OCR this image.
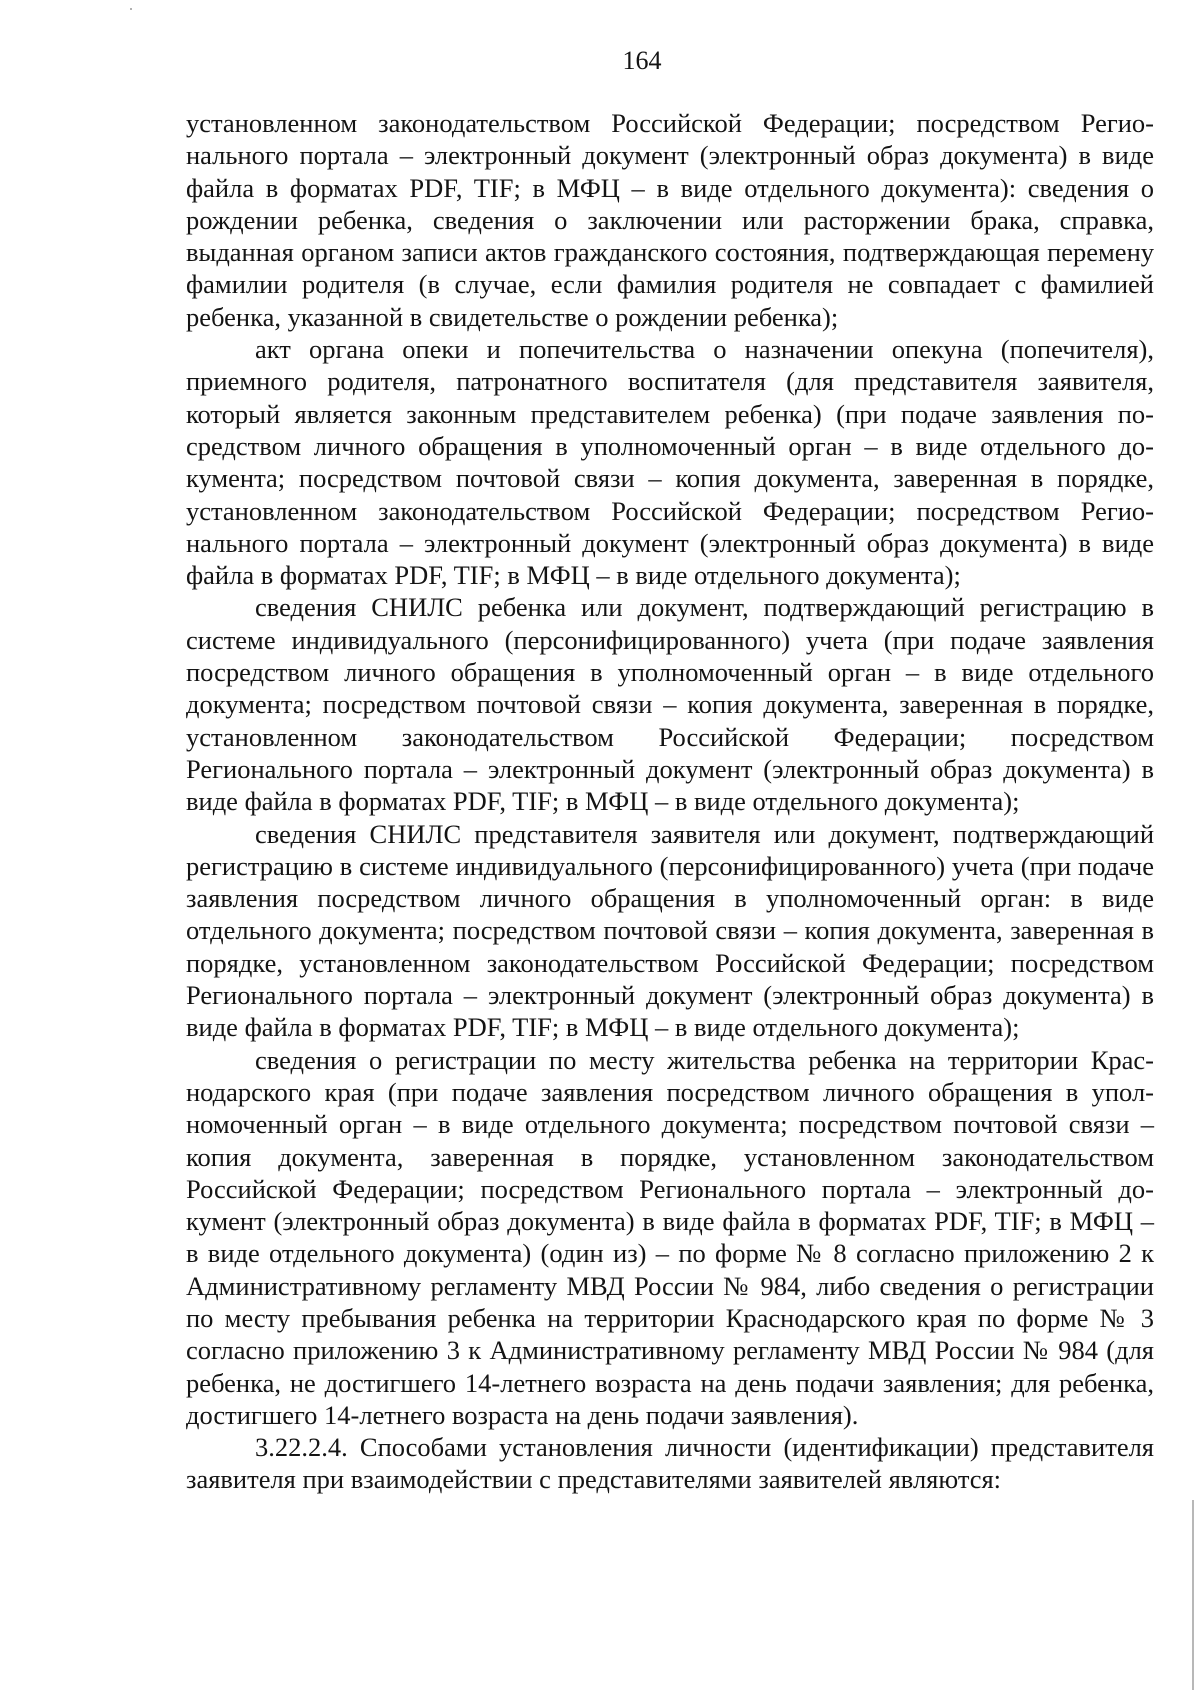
164

установленном законодательством Российской Федерации; посредством Регионального портала – электронный документ (электронный образ документа) в виде файла в форматах PDF, TIF; в МФЦ – в виде отдельного документа): сведения о рождении ребенка, сведения о заключении или расторжении брака, справка, выданная органом записи актов гражданского состояния, подтверждающая перемену фамилии родителя (в случае, если фамилия родителя не совпадает с фамилией ребенка, указанной в свидетельстве о рождении ребенка);

акт органа опеки и попечительства о назначении опекуна (попечителя), приемного родителя, патронатного воспитателя (для представителя заявителя, который является законным представителем ребенка) (при подаче заявления посредством личного обращения в уполномоченный орган – в виде отдельного документа; посредством почтовой связи – копия документа, заверенная в порядке, установленном законодательством Российской Федерации; посредством Регионального портала – электронный документ (электронный образ документа) в виде файла в форматах PDF, TIF; в МФЦ – в виде отдельного документа);

сведения СНИЛС ребенка или документ, подтверждающий регистрацию в системе индивидуального (персонифицированного) учета (при подаче заявления посредством личного обращения в уполномоченный орган – в виде отдельного документа; посредством почтовой связи – копия документа, заверенная в порядке, установленном законодательством Российской Федерации; посредством Регионального портала – электронный документ (электронный образ документа) в виде файла в форматах PDF, TIF; в МФЦ – в виде отдельного документа);

сведения СНИЛС представителя заявителя или документ, подтверждающий регистрацию в системе индивидуального (персонифицированного) учета (при подаче заявления посредством личного обращения в уполномоченный орган: в виде отдельного документа; посредством почтовой связи – копия документа, заверенная в порядке, установленном законодательством Российской Федерации; посредством Регионального портала – электронный документ (электронный образ документа) в виде файла в форматах PDF, TIF; в МФЦ – в виде отдельного документа);

сведения о регистрации по месту жительства ребенка на территории Краснодарского края (при подаче заявления посредством личного обращения в уполномоченный орган – в виде отдельного документа; посредством почтовой связи – копия документа, заверенная в порядке, установленном законодательством Российской Федерации; посредством Регионального портала – электронный документ (электронный образ документа) в виде файла в форматах PDF, TIF; в МФЦ – в виде отдельного документа) (один из) – по форме № 8 согласно приложению 2 к Административному регламенту МВД России № 984, либо сведения о регистрации по месту пребывания ребенка на территории Краснодарского края по форме № 3 согласно приложению 3 к Административному регламенту МВД России № 984 (для ребенка, не достигшего 14-летнего возраста на день подачи заявления; для ребенка, достигшего 14-летнего возраста на день подачи заявления).

3.22.2.4. Способами установления личности (идентификации) представителя заявителя при взаимодействии с представителями заявителей являются:
